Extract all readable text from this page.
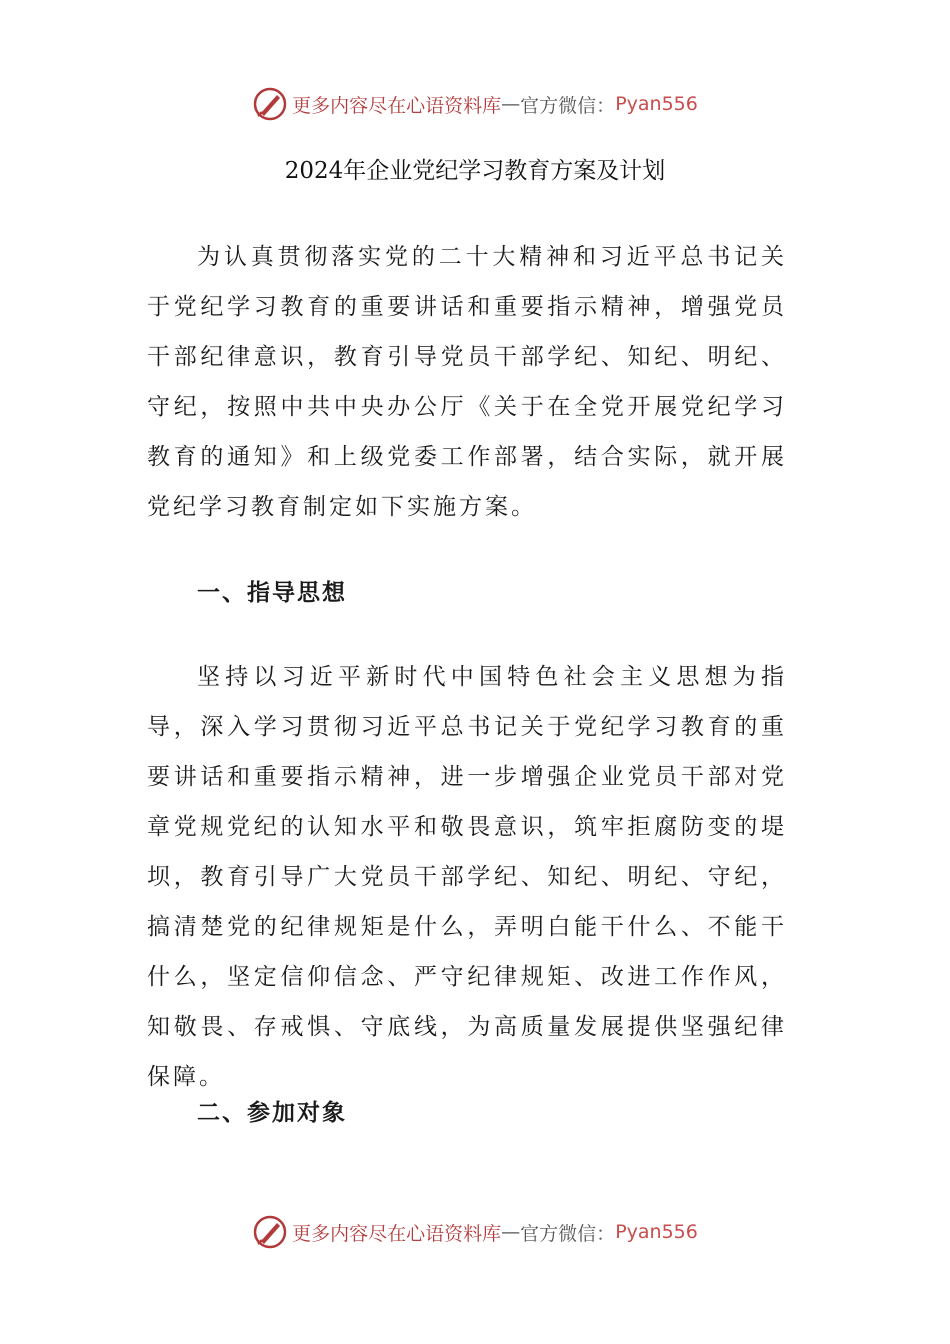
更多内容尽在心语资料库 — 官方微信： Pyan556
2024年企业党纪学习教育方案及计划

为认真贯彻落实党的二十大精神和习近平总书记关于党纪学习教育的重要讲话和重要指示精神，增强党员干部纪律意识，教育引导党员干部学纪、知纪、明纪、守纪，按照中共中央办公厅《关于在全党开展党纪学习教育的通知》和上级党委工作部署，结合实际，就开展党纪学习教育制定如下实施方案。

一、指导思想

坚持以习近平新时代中国特色社会主义思想为指导，深入学习贯彻习近平总书记关于党纪学习教育的重要讲话和重要指示精神，进一步增强企业党员干部对党章党规党纪的认知水平和敬畏意识，筑牢拒腐防变的堤坝，教育引导广大党员干部学纪、知纪、明纪、守纪，搞清楚党的纪律规矩是什么，弄明白能干什么、不能干什么，坚定信仰信念、严守纪律规矩、改进工作作风，知敬畏、存戒惧、守底线，为高质量发展提供坚强纪律保障。

二、参加对象
更多内容尽在心语资料库 — 官方微信： Pyan556
